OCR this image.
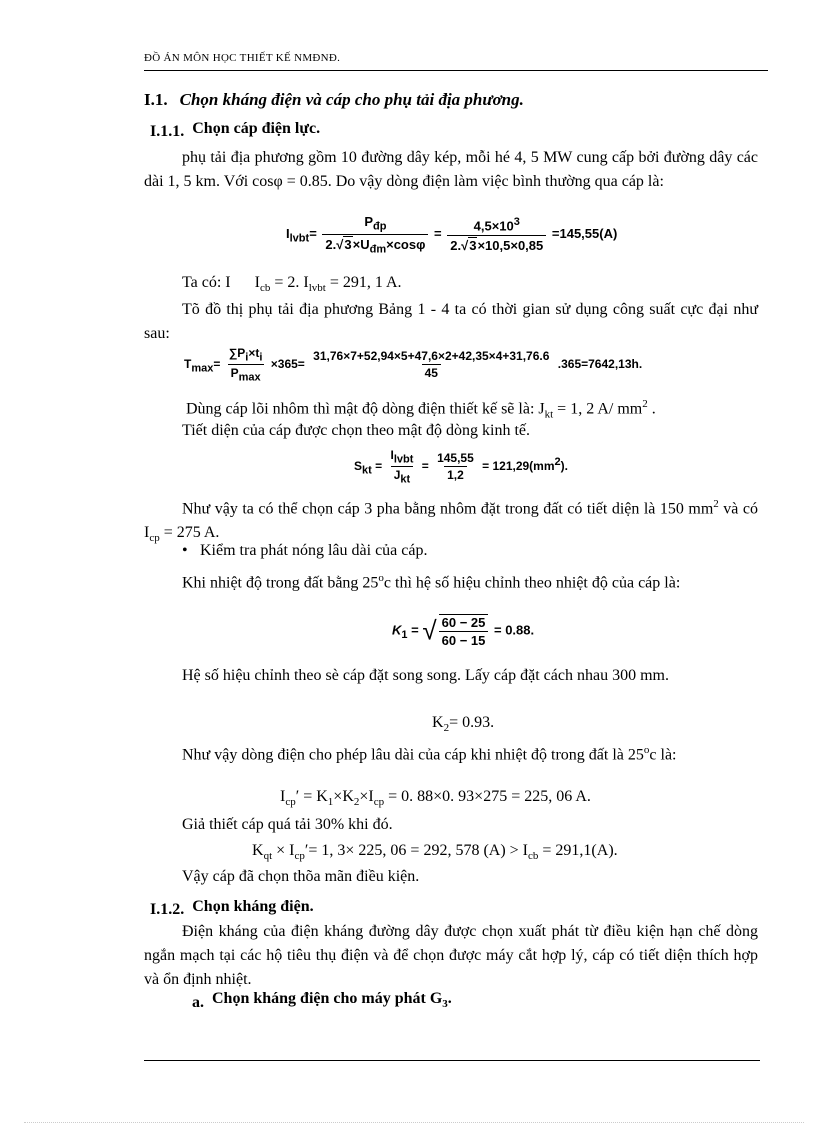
ĐỒ ÁN MÔN HỌC THIẾT KẾ NMĐNĐ.
I.1. Chọn kháng điện và cáp cho phụ tải địa phương.
I.1.1. Chọn cáp điện lực.
phụ tải địa phương gồm 10 đường dây kép, mỗi hé 4, 5 MW cung cấp bởi đường dây các dài 1, 5 km. Với cosφ = 0.85. Do vậy dòng điện làm việc bình thường qua cáp là:
$I_{lvbt}= \frac{P_{đp}}{2.√3\times U_{đm}\times\cos\varphi} = \frac{4,5\times 10^3}{2.√3\times 10,5\times 0,85} =145,55(A)$
Ta có: I $I_{cb} = 2$. $I_{lvbt} = 291$, 1 A.
Tõ đồ thị phụ tải địa phương Bảng 1 - 4 ta có thời gian sử dụng công suất cực đại như sau:
$T_{max}= \frac{\sum P_i\times t_i}{P_{max}} \times 365= \frac{31,76\times 7+52,94\times 5+47,6\times 2+42,35\times 4+31,76.6}{45} .365=7642,13h$.
Dùng cáp lõi nhôm thì mật độ dòng điện thiết kế sẽ là: $J_{kt} = 1$, 2 A/ $mm^2$ .
Tiết diện của cáp được chọn theo mật độ dòng kinh tế.
$S_{kt} = \frac{I_{lvbt}}{J_{kt}} = \frac{145,55}{1,2} = 121,29(mm^2)$.
Như vậy ta có thể chọn cáp 3 pha bằng nhôm đặt trong đất có tiết diện là 150 $mm^2$ và có $I_{cp} = 275$ A.
• Kiểm tra phát nóng lâu dài của cáp.
Khi nhiệt độ trong đất bằng 25$^o$c thì hệ số hiệu chỉnh theo nhiệt độ của cáp là:
$K_1$ = √ $\frac{60 - 25}{60 - 15} = 0.88$.
Hệ số hiệu chỉnh theo sè cáp đặt song song. Lấy cáp đặt cách nhau 300 mm.
$K_2= 0.93$.
Như vậy dòng điện cho phép lâu dài của cáp khi nhiệt độ trong đất là 25$^o$c là:
$I_{cp}' = K_1\times K_2\times I_{cp} = 0$. 88×0. 93×275 = 225, 06 A.
Giả thiết cáp quá tải 30% khi đó.
$K_{qt} \times I_{cp}'= 1$, 3× 225, 06 = 292, 578 $(A) > I_{cb} = 291,1(A)$.
Vậy cáp đã chọn thõa mãn điều kiện.
I.1.2. Chọn kháng điện.
Điện kháng của điện kháng đường dây được chọn xuất phát từ điều kiện hạn chế dòng ngắn mạch tại các hộ tiêu thụ điện và để chọn được máy cắt hợp lý, cáp có tiết diện thích hợp và ổn định nhiệt.
a. Chọn kháng điện cho máy phát $G_3$.
